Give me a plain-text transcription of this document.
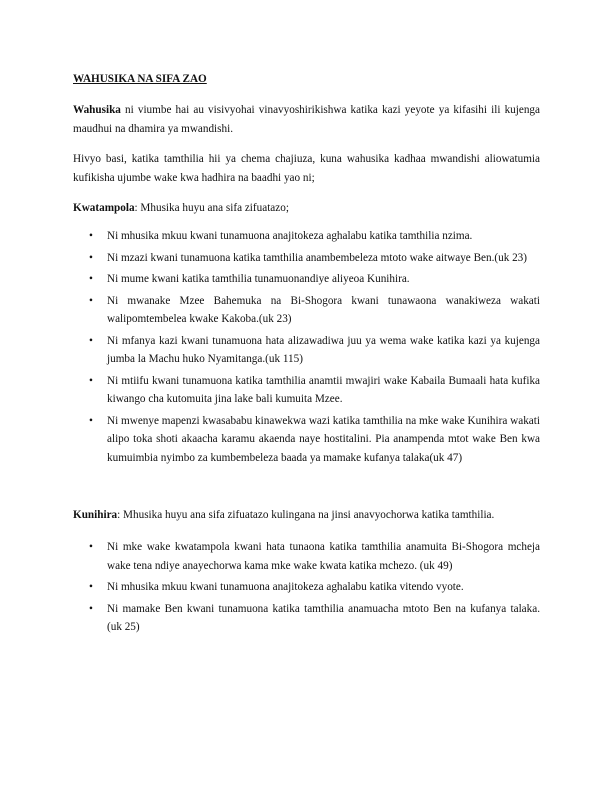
WAHUSIKA NA SIFA ZAO

Wahusika ni viumbe hai au visivyohai vinavyoshirikishwa katika kazi yeyote ya kifasihi ili kujenga maudhui na dhamira ya mwandishi.

Hivyo basi, katika tamthilia hii ya chema chajiuza, kuna wahusika kadhaa mwandishi aliowatumia kufikisha ujumbe wake kwa hadhira na baadhi yao ni;

Kwatampola: Mhusika huyu ana sifa zifuatazo;
• Ni mhusika mkuu kwani tunamuona anajitokeza aghalabu katika tamthilia nzima.
• Ni mzazi kwani tunamuona katika tamthilia anambembeleza mtoto wake aitwaye Ben.(uk 23)
• Ni mume kwani katika tamthilia tunamuonandiye aliyeoa Kunihira.
• Ni mwanake Mzee Bahemuka na Bi-Shogora kwani tunawaona wanakiweza wakati walipomtembelea kwake Kakoba.(uk 23)
• Ni mfanya kazi kwani tunamuona hata alizawadiwa juu ya wema wake katika kazi ya kujenga jumba la Machu huko Nyamitanga.(uk 115)
• Ni mtiifu kwani tunamuona katika tamthilia anamtii mwajiri wake Kabaila Bumaali hata kufika kiwango cha kutomuita jina lake bali kumuita Mzee.
• Ni mwenye mapenzi kwasababu kinawekwa wazi katika tamthilia na mke wake Kunihira wakati alipo toka shoti akaacha karamu akaenda naye hostitalini. Pia anampenda mtot wake Ben kwa kumuimbia nyimbo za kumbembeleza baada ya mamake kufanya talaka(uk 47)
Kunihira: Mhusika huyu ana sifa zifuatazo kulingana na jinsi anavyochorwa katika tamthilia.
• Ni mke wake kwatampola kwani hata tunaona katika tamthilia anamuita Bi-Shogora mcheja wake tena ndiye anayechorwa kama mke wake kwata katika mchezo. (uk 49)
• Ni mhusika mkuu kwani tunamuona anajitokeza aghalabu katika vitendo vyote.
• Ni mamake Ben kwani tunamuona katika tamthilia anamuacha mtoto Ben na kufanya talaka. (uk 25)
